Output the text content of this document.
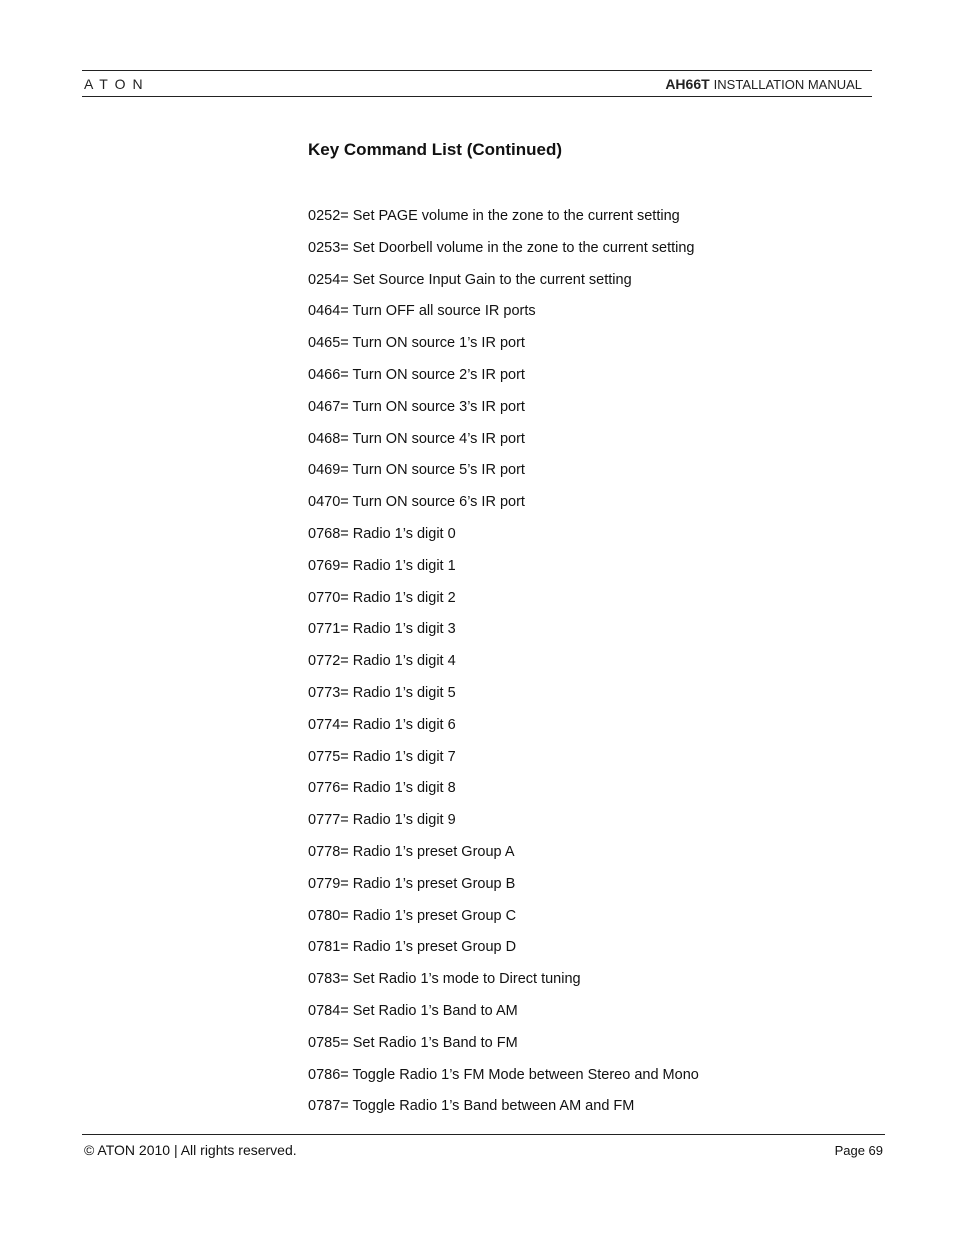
ATON	AH66T INSTALLATION MANUAL
Key Command List (Continued)
0252= Set PAGE volume in the zone to the current setting
0253= Set Doorbell volume in the zone to the current setting
0254= Set Source Input Gain to the current setting
0464= Turn OFF all source IR ports
0465= Turn ON source 1’s IR port
0466= Turn ON source 2’s IR port
0467= Turn ON source 3’s IR port
0468= Turn ON source 4’s IR port
0469= Turn ON source 5’s IR port
0470= Turn ON source 6’s IR port
0768= Radio 1’s digit 0
0769= Radio 1’s digit 1
0770= Radio 1’s digit 2
0771= Radio 1’s digit 3
0772= Radio 1’s digit 4
0773= Radio 1’s digit 5
0774= Radio 1’s digit 6
0775= Radio 1’s digit 7
0776= Radio 1’s digit 8
0777= Radio 1’s digit 9
0778= Radio 1’s preset Group A
0779= Radio 1’s preset Group B
0780= Radio 1’s preset Group C
0781= Radio 1’s preset Group D
0783= Set Radio 1’s mode to Direct tuning
0784= Set Radio 1’s Band to AM
0785= Set Radio 1’s Band to FM
0786= Toggle Radio 1’s FM Mode between Stereo and Mono
0787= Toggle Radio 1’s Band between AM and FM
© ATON 2010 | All rights reserved.	Page 69
